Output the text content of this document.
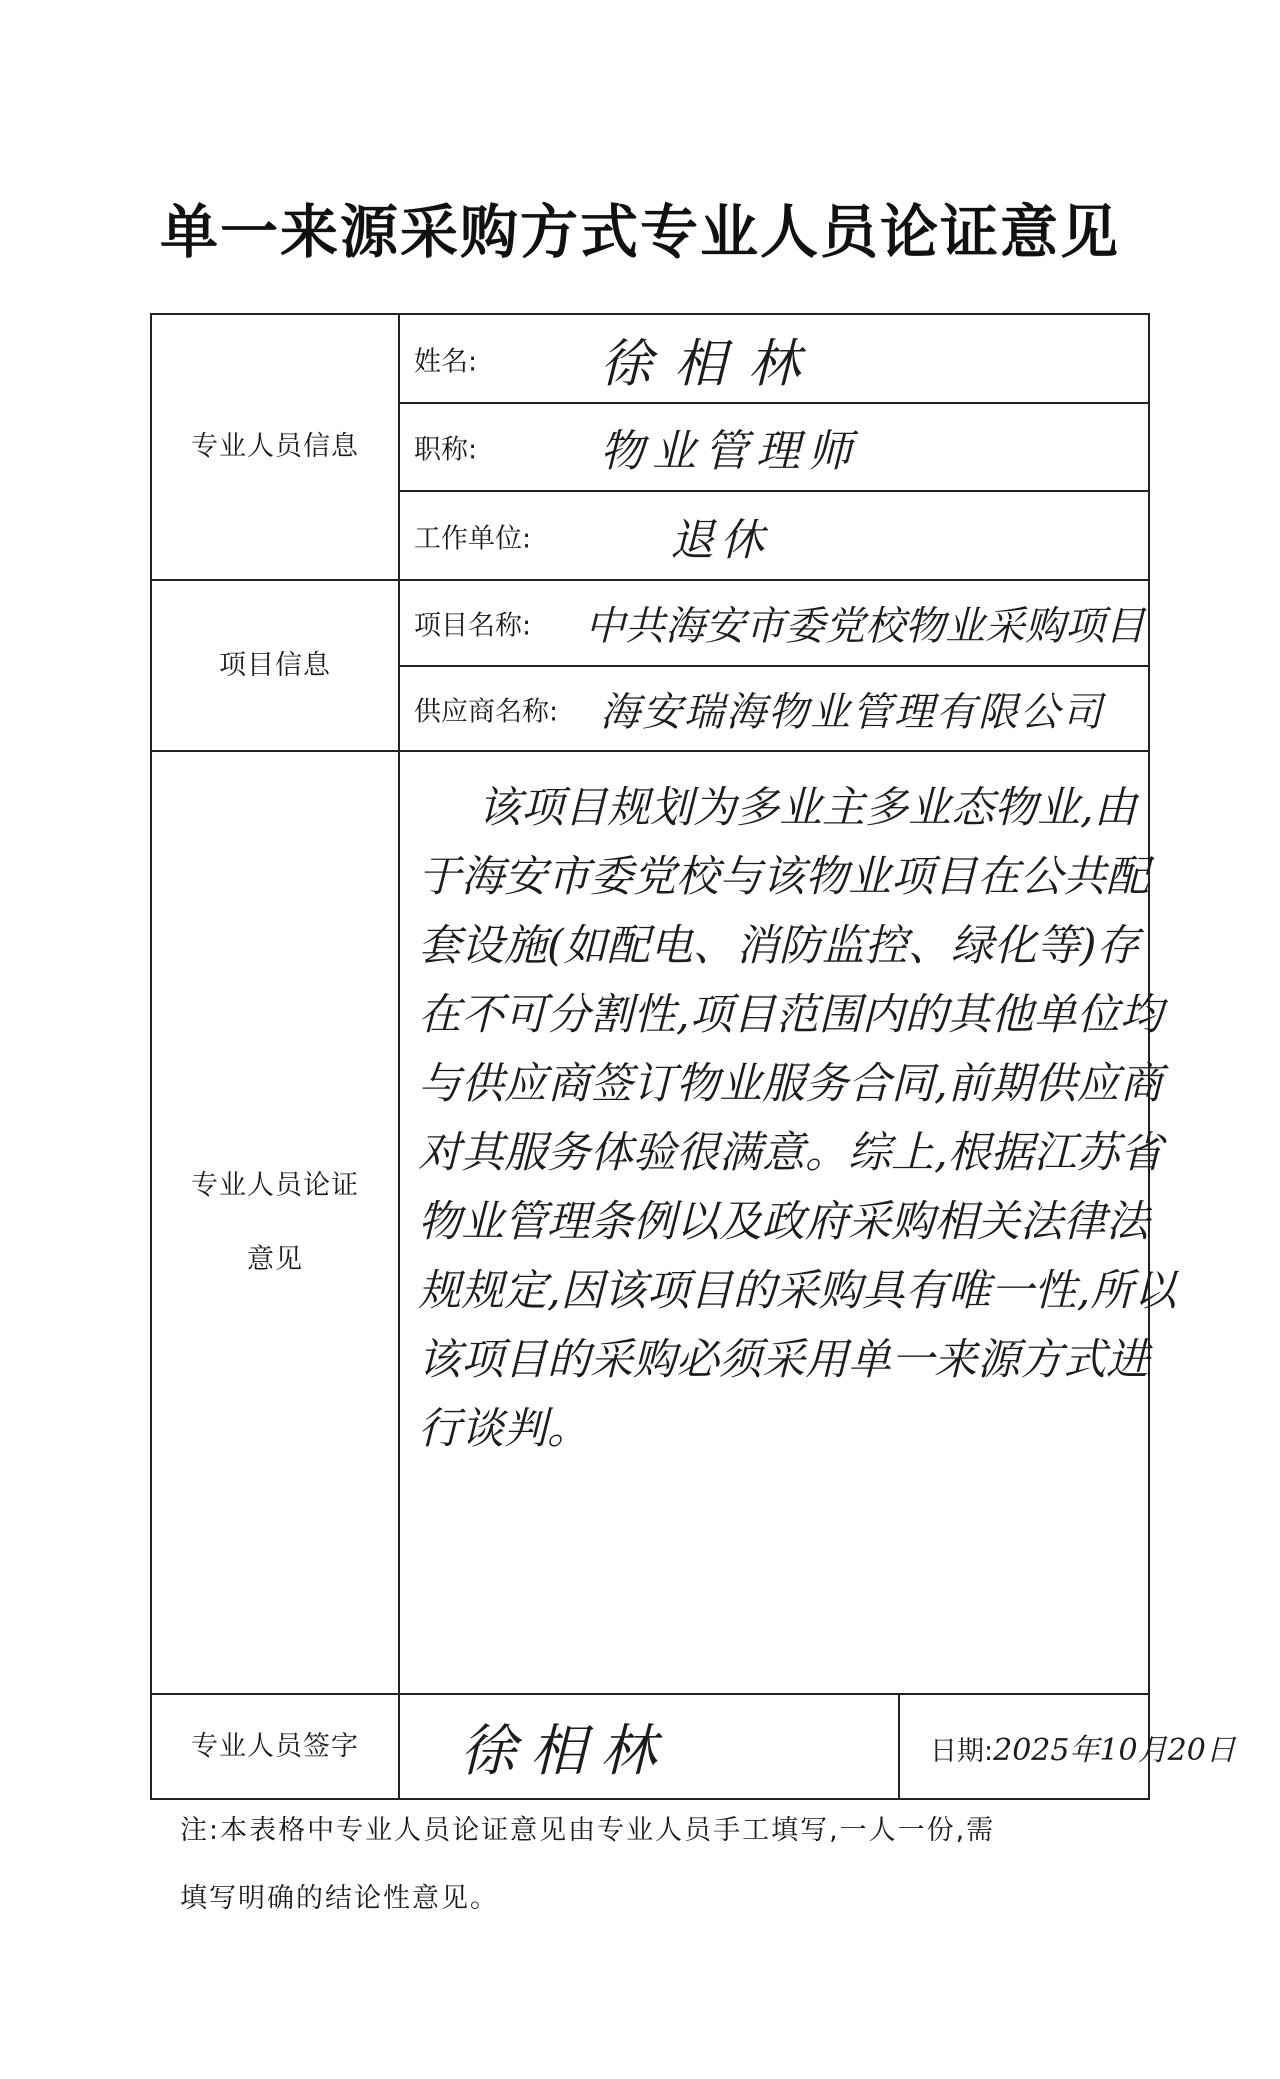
单一来源采购方式专业人员论证意见
专业人员信息	姓名: 徐相林	

	职称: 物业管理师	

	工作单位: 退休	

项目信息	项目名称: 中共海安市委党校物业采购项目	

	供应商名称: 海安瑞海物业管理有限公司	

专业人员论证
意见	该项目规划为多业主多业态物业,由于海安市委党校与该物业项目在公共配套设施(如配电、消防监控、绿化等)存在不可分割性,项目范围内的其他单位均与供应商签订物业服务合同,前期供应商对其服务体验很满意。综上,根据江苏省物业管理条例以及政府采购相关法律法规规定,因该项目的采购具有唯一性,所以该项目的采购必须采用单一来源方式进行谈判。	

专业人员签字	徐相林	日期:2025年10月20日
注:本表格中专业人员论证意见由专业人员手工填写,一人一份,需
填写明确的结论性意见。
